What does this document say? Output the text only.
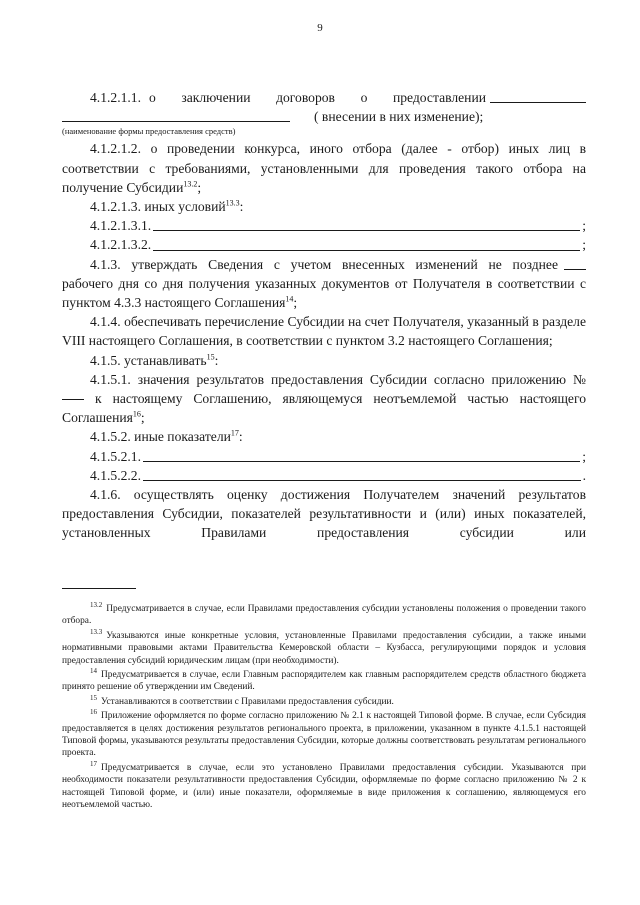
9
4.1.2.1.1. о заключении договоров о предоставлении
( внесении в них изменение);

(наименование формы предоставления средств)

4.1.2.1.2. о проведении конкурса, иного отбора (далее - отбор) иных лиц в соответствии с требованиями, установленными для проведения такого отбора на получение Субсидии$^{13.2}$;

4.1.2.1.3. иных условий$^{13.3}$:

4.1.2.1.3.1.	;
4.1.2.1.3.2.	;
4.1.3. утверждать Сведения с учетом внесенных изменений не позднее

рабочего дня со дня получения указанных документов от Получателя в соответствии с пунктом 4.3.3 настоящего Соглашения$^{14}$;

4.1.4. обеспечивать перечисление Субсидии на счет Получателя, указанный в разделе VIII настоящего Соглашения, в соответствии с пунктом 3.2 настоящего Соглашения;

4.1.5. устанавливать$^{15}$:

4.1.5.1. значения результатов предоставления Субсидии согласно приложению №  к настоящему Соглашению, являющемуся неотъемлемой частью настоящего Соглашения$^{16}$;

4.1.5.2. иные показатели$^{17}$:

4.1.5.2.1.	;
4.1.5.2.2.	.

4.1.6. осуществлять оценку достижения Получателем значений результатов предоставления Субсидии, показателей результативности и (или) иных показателей, установленных Правилами предоставления субсидии или

$^{13.2}$ Предусматривается в случае, если Правилами предоставления субсидии установлены положения о проведении такого отбора.

$^{13.3}$ Указываются иные конкретные условия, установленные Правилами предоставления субсидии, а также иными нормативными правовыми актами Правительства Кемеровской области – Кузбасса, регулирующими порядок и условия предоставления субсидий юридическим лицам (при необходимости).

$^{14}$ Предусматривается в случае, если Главным распорядителем как главным распорядителем средств областного бюджета принято решение об утверждении им Сведений.

$^{15}$ Устанавливаются в соответствии с Правилами предоставления субсидии.

$^{16}$ Приложение оформляется по форме согласно приложению № 2.1 к настоящей Типовой форме. В случае, если Субсидия предоставляется в целях достижения результатов регионального проекта, в приложении, указанном в пункте 4.1.5.1 настоящей Типовой формы, указываются результаты предоставления Субсидии, которые должны соответствовать результатам регионального проекта.

$^{17}$ Предусматривается в случае, если это установлено Правилами предоставления субсидии. Указываются при необходимости показатели результативности предоставления Субсидии, оформляемые по форме согласно приложению № 2 к настоящей Типовой форме, и (или) иные показатели, оформляемые в виде приложения к соглашению, являющемуся его неотъемлемой частью.
